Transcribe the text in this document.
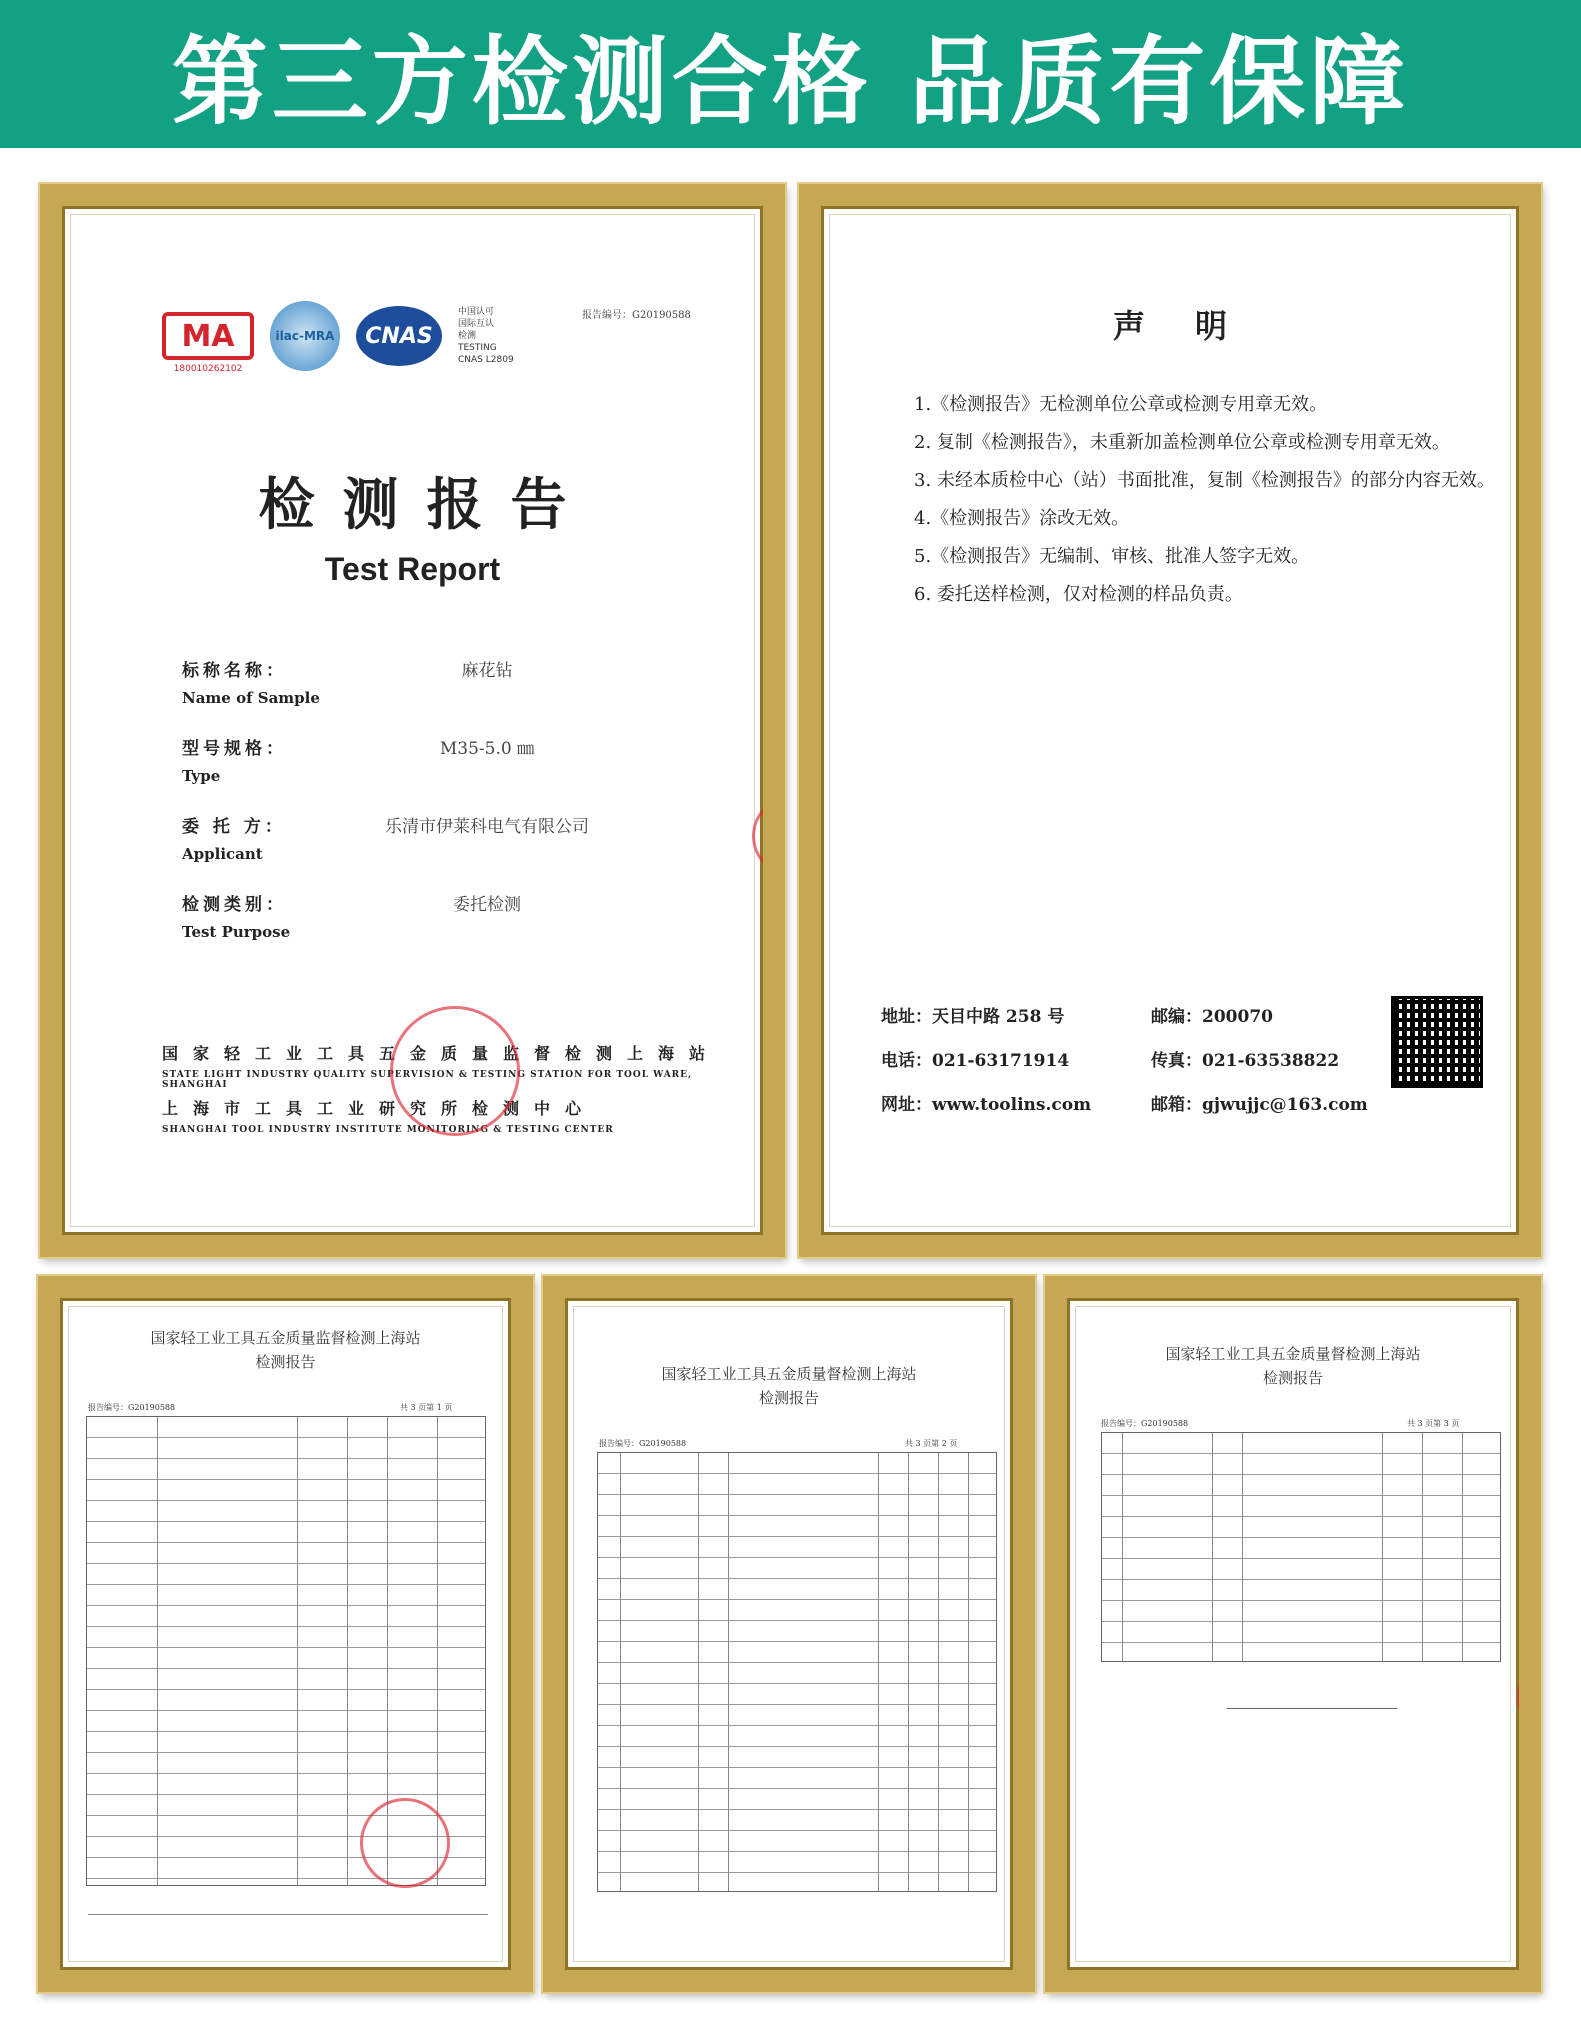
第三方检测合格 品质有保障
MA
180010262102
ilac-MRA	CNAS
中国认可
国际互认
检测
TESTING
CNAS L2809
报告编号：G20190588
检测报告
Test Report
标称名称：
Name of Sample
麻花钻
型号规格：
Type
M35-5.0 ㎜
委 托 方：
Applicant
乐清市伊莱科电气有限公司
检测类别：
Test Purpose
委托检测
国家轻工业工具五金质量监督检测上海站
STATE LIGHT INDUSTRY QUALITY SUPERVISION & TESTING STATION FOR TOOL WARE, SHANGHAI
上海市工具工业研究所检测中心
SHANGHAI TOOL INDUSTRY INSTITUTE MONITORING & TESTING CENTER
声明
1.《检测报告》无检测单位公章或检测专用章无效。
2. 复制《检测报告》，未重新加盖检测单位公章或检测专用章无效。
3. 未经本质检中心（站）书面批准，复制《检测报告》的部分内容无效。
4.《检测报告》涂改无效。
5.《检测报告》无编制、审核、批准人签字无效。
6. 委托送样检测，仅对检测的样品负责。
地址：天目中路 258 号	邮编：200070
电话：021-63171914	传真：021-63538822
网址：www.toolins.com	邮箱：gjwujjc@163.com
国家轻工业工具五金质量监督检测上海站
检测报告
报告编号：G20190588	共 3 页第 1 页
国家轻工业工具五金质量督检测上海站
检测报告
报告编号：G20190588	共 3 页第 2 页
国家轻工业工具五金质量督检测上海站
检测报告
报告编号：G20190588	共 3 页第 3 页
